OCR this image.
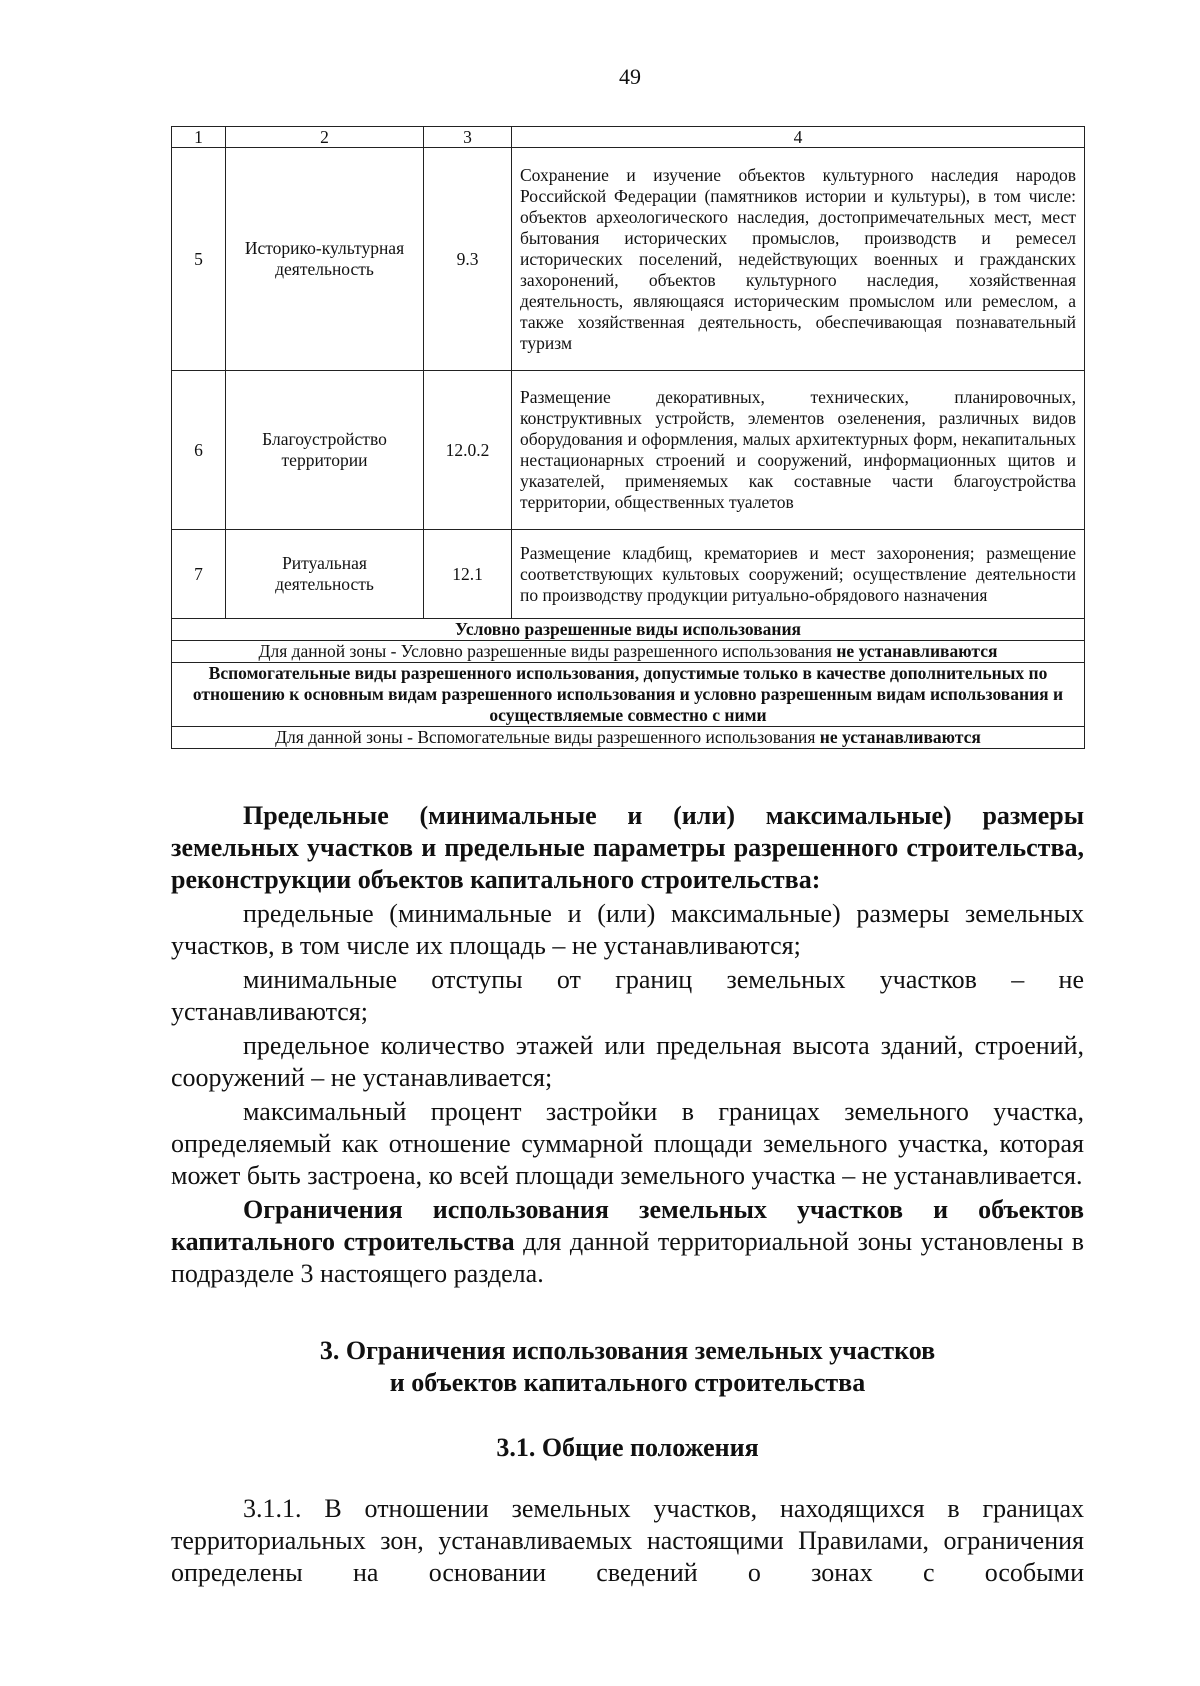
49
1	2	3	4
5	Историко-культурная деятельность	9.3	Сохранение и изучение объектов культурного наследия народов Российской Федерации (памятников истории и культуры), в том числе: объектов археологического наследия, достопримечательных мест, мест бытования исторических промыслов, производств и ремесел исторических поселений, недействующих военных и гражданских захоронений, объектов культурного наследия, хозяйственная деятельность, являющаяся историческим промыслом или ремеслом, а также хозяйственная деятельность, обеспечивающая познавательный туризм
6	Благоустройство территории	12.0.2	Размещение декоративных, технических, планировочных, конструктивных устройств, элементов озеленения, различных видов оборудования и оформления, малых архитектурных форм, некапитальных нестационарных строений и сооружений, информационных щитов и указателей, применяемых как составные части благоустройства территории, общественных туалетов
7	Ритуальная деятельность	12.1	Размещение кладбищ, крематориев и мест захоронения; размещение соответствующих культовых сооружений; осуществление деятельности по производству продукции ритуально-обрядового назначения
Условно разрешенные виды использования			
Для данной зоны - Условно разрешенные виды разрешенного использования не устанавливаются			
Вспомогательные виды разрешенного использования, допустимые только в качестве дополнительных по отношению к основным видам разрешенного использования и условно разрешенным видам использования и осуществляемые совместно с ними			
Для данной зоны - Вспомогательные виды разрешенного использования не устанавливаются			

Предельные (минимальные и (или) максимальные) размеры земельных участков и предельные параметры разрешенного строительства, реконструкции объектов капитального строительства:

предельные (минимальные и (или) максимальные) размеры земельных участков, в том числе их площадь – не устанавливаются;

минимальные отступы от границ земельных участков – не устанавливаются;

предельное количество этажей или предельная высота зданий, строений, сооружений – не устанавливается;

максимальный процент застройки в границах земельного участка, определяемый как отношение суммарной площади земельного участка, которая может быть застроена, ко всей площади земельного участка – не устанавливается.

Ограничения использования земельных участков и объектов капитального строительства для данной территориальной зоны установлены в подразделе 3 настоящего раздела.

3. Ограничения использования земельных участков

и объектов капитального строительства

3.1. Общие положения

3.1.1. В отношении земельных участков, находящихся в границах территориальных зон, устанавливаемых настоящими Правилами, ограничения определены на основании сведений о зонах с особыми
